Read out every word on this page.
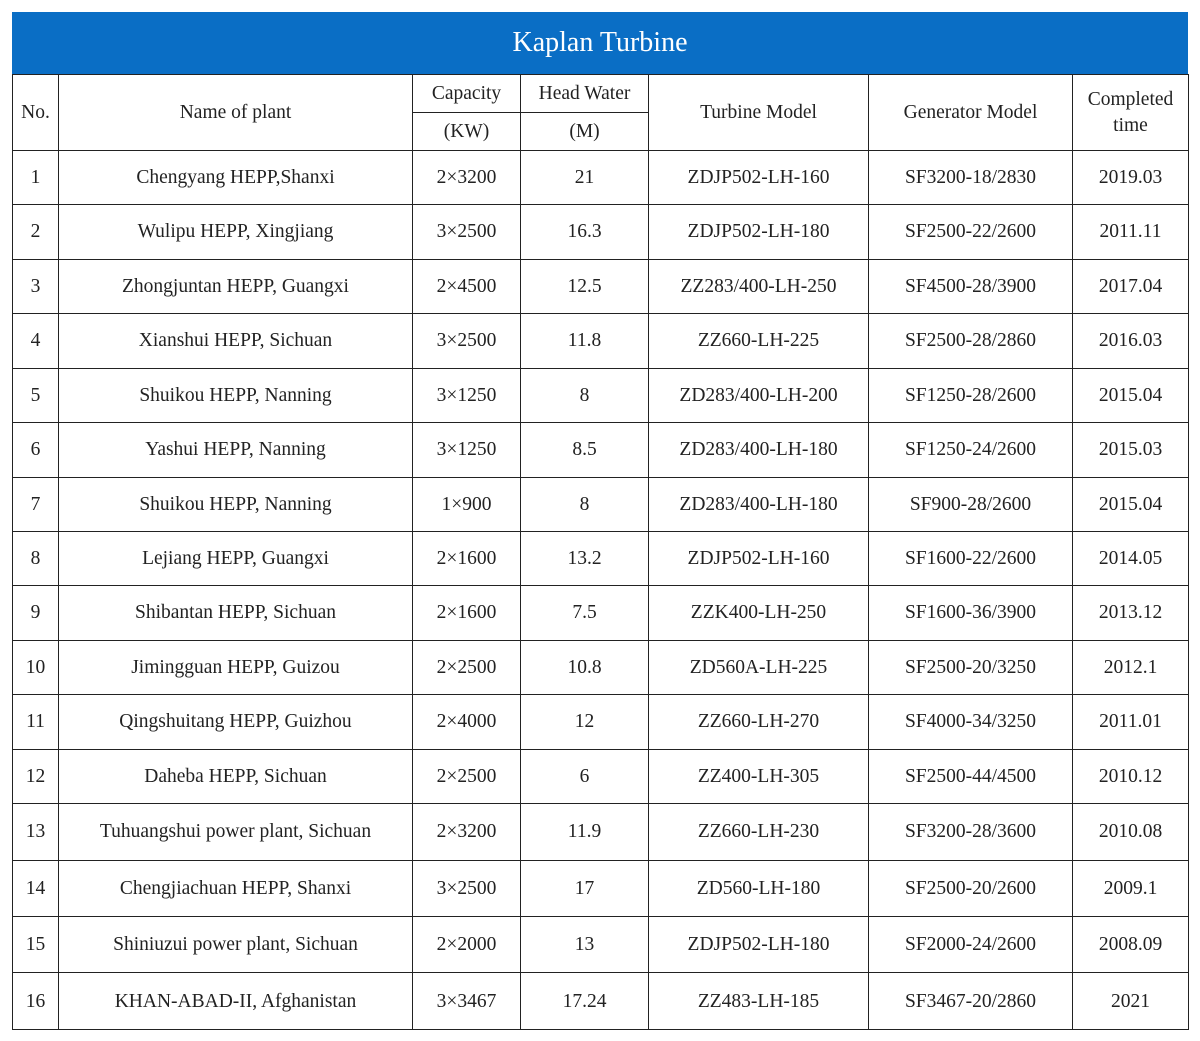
Kaplan Turbine
No.	Name of plant	Capacity	Head Water	Turbine Model	Generator Model	Completed
time

		(KW)	(M)			
1	Chengyang HEPP,Shanxi	2×3200	21	ZDJP502-LH-160	SF3200-18/2830	2019.03
2	Wulipu HEPP, Xingjiang	3×2500	16.3	ZDJP502-LH-180	SF2500-22/2600	2011.11
3	Zhongjuntan HEPP, Guangxi	2×4500	12.5	ZZ283/400-LH-250	SF4500-28/3900	2017.04
4	Xianshui HEPP, Sichuan	3×2500	11.8	ZZ660-LH-225	SF2500-28/2860	2016.03
5	Shuikou HEPP, Nanning	3×1250	8	ZD283/400-LH-200	SF1250-28/2600	2015.04
6	Yashui HEPP, Nanning	3×1250	8.5	ZD283/400-LH-180	SF1250-24/2600	2015.03
7	Shuikou HEPP, Nanning	1×900	8	ZD283/400-LH-180	SF900-28/2600	2015.04
8	Lejiang HEPP, Guangxi	2×1600	13.2	ZDJP502-LH-160	SF1600-22/2600	2014.05
9	Shibantan HEPP, Sichuan	2×1600	7.5	ZZK400-LH-250	SF1600-36/3900	2013.12
10	Jimingguan HEPP, Guizou	2×2500	10.8	ZD560A-LH-225	SF2500-20/3250	2012.1
11	Qingshuitang HEPP, Guizhou	2×4000	12	ZZ660-LH-270	SF4000-34/3250	2011.01
12	Daheba HEPP, Sichuan	2×2500	6	ZZ400-LH-305	SF2500-44/4500	2010.12
13	Tuhuangshui power plant, Sichuan	2×3200	11.9	ZZ660-LH-230	SF3200-28/3600	2010.08
14	Chengjiachuan HEPP, Shanxi	3×2500	17	ZD560-LH-180	SF2500-20/2600	2009.1
15	Shiniuzui power plant, Sichuan	2×2000	13	ZDJP502-LH-180	SF2000-24/2600	2008.09
16	KHAN-ABAD-II, Afghanistan	3×3467	17.24	ZZ483-LH-185	SF3467-20/2860	2021
